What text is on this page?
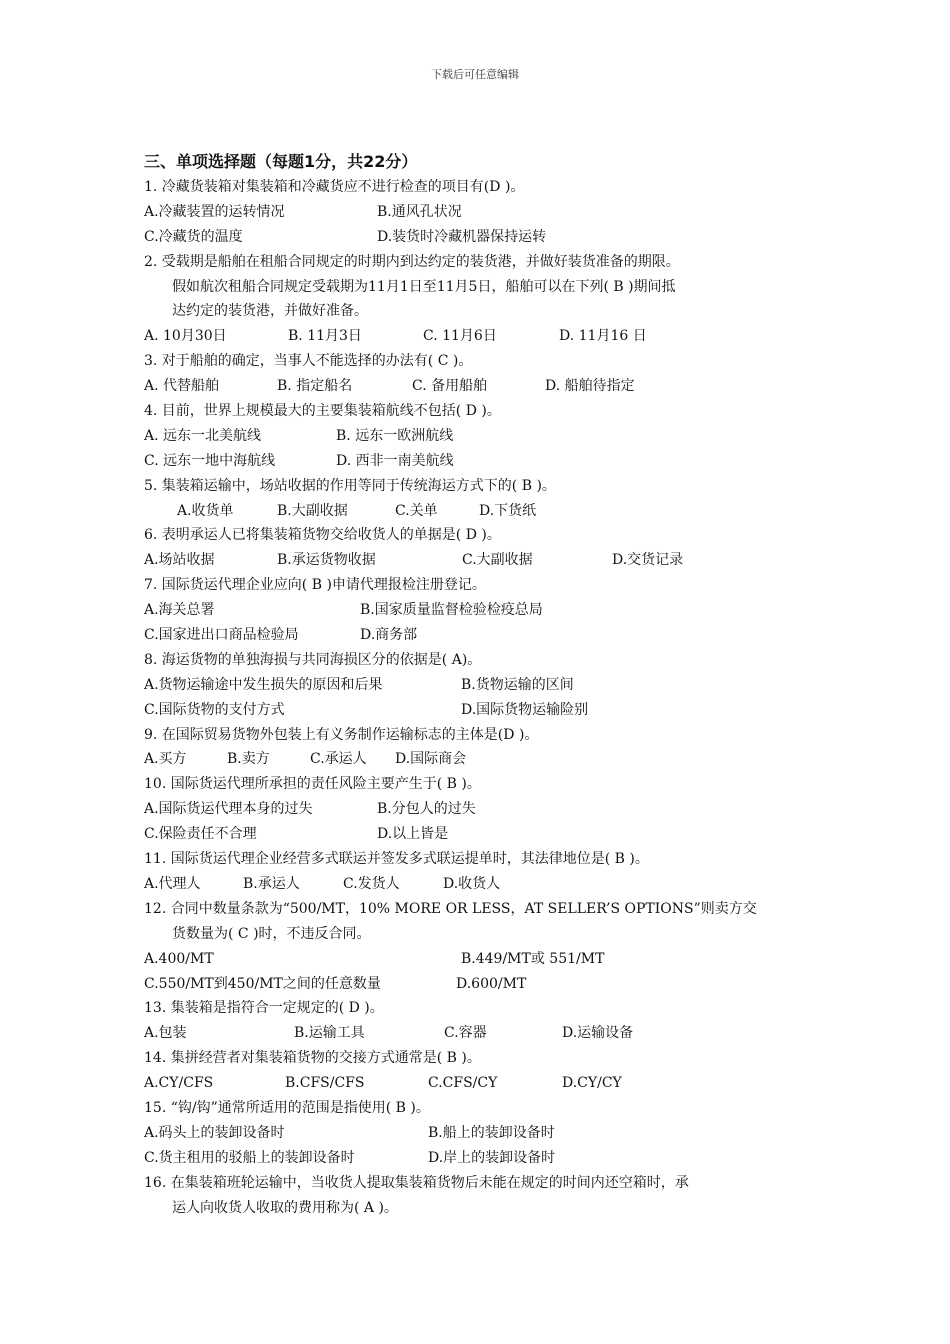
下载后可任意编辑
三、单项选择题（每题1分，共22分）
1. 冷藏货装箱对集装箱和冷藏货应不进行检查的项目有(D )。
A.冷藏装置的运转情况	B.通风孔状况
C.冷藏货的温度	D.装货时冷藏机器保持运转
2. 受载期是船舶在租船合同规定的时期内到达约定的装货港，并做好装货准备的期限。
假如航次租船合同规定受载期为11月1日至11月5日，船舶可以在下列( B )期间抵
达约定的装货港，并做好准备。
A. 10月30日	B. 11月3日	C. 11月6日	D. 11月16 日
3. 对于船舶的确定，当事人不能选择的办法有( C )。
A. 代替船舶	B. 指定船名	C. 备用船舶	D. 船舶待指定
4. 目前，世界上规模最大的主要集装箱航线不包括( D )。
A. 远东一北美航线	B. 远东一欧洲航线
C. 远东一地中海航线	D. 西非一南美航线
5. 集装箱运输中，场站收据的作用等同于传统海运方式下的( B )。
A.收货单	B.大副收据	C.关单	D.下货纸
6. 表明承运人已将集装箱货物交给收货人的单据是( D )。
A.场站收据	B.承运货物收据	C.大副收据	D.交货记录
7. 国际货运代理企业应向( B )申请代理报检注册登记。
A.海关总署	B.国家质量监督检验检疫总局
C.国家进出口商品检验局	D.商务部
8. 海运货物的单独海损与共同海损区分的依据是( A)。
A.货物运输途中发生损失的原因和后果	B.货物运输的区间
C.国际货物的支付方式	D.国际货物运输险别
9. 在国际贸易货物外包装上有义务制作运输标志的主体是(D )。
A.买方	B.卖方	C.承运人 D.国际商会
10. 国际货运代理所承担的责任风险主要产生于( B )。
A.国际货运代理本身的过失	B.分包人的过失
C.保险责任不合理	D.以上皆是
11. 国际货运代理企业经营多式联运并签发多式联运提单时，其法律地位是( B )。
A.代理人	B.承运人	C.发货人	D.收货人
12. 合同中数量条款为“500/MT，10% MORE OR LESS，AT SELLER’S OPTIONS”则卖方交
货数量为( C )时，不违反合同。
A.400/MT	B.449/MT或 551/MT
C.550/MT到450/MT之间的任意数量	D.600/MT
13. 集装箱是指符合一定规定的( D )。
A.包装	B.运输工具	C.容器	D.运输设备
14. 集拼经营者对集装箱货物的交接方式通常是( B )。
A.CY/CFS	B.CFS/CFS	C.CFS/CY	D.CY/CY
15. “钩/钩”通常所适用的范围是指使用( B )。
A.码头上的装卸设备时	B.船上的装卸设备时
C.货主租用的驳船上的装卸设备时	D.岸上的装卸设备时
16. 在集装箱班轮运输中，当收货人提取集装箱货物后未能在规定的时间内还空箱时，承
运人向收货人收取的费用称为( A )。
